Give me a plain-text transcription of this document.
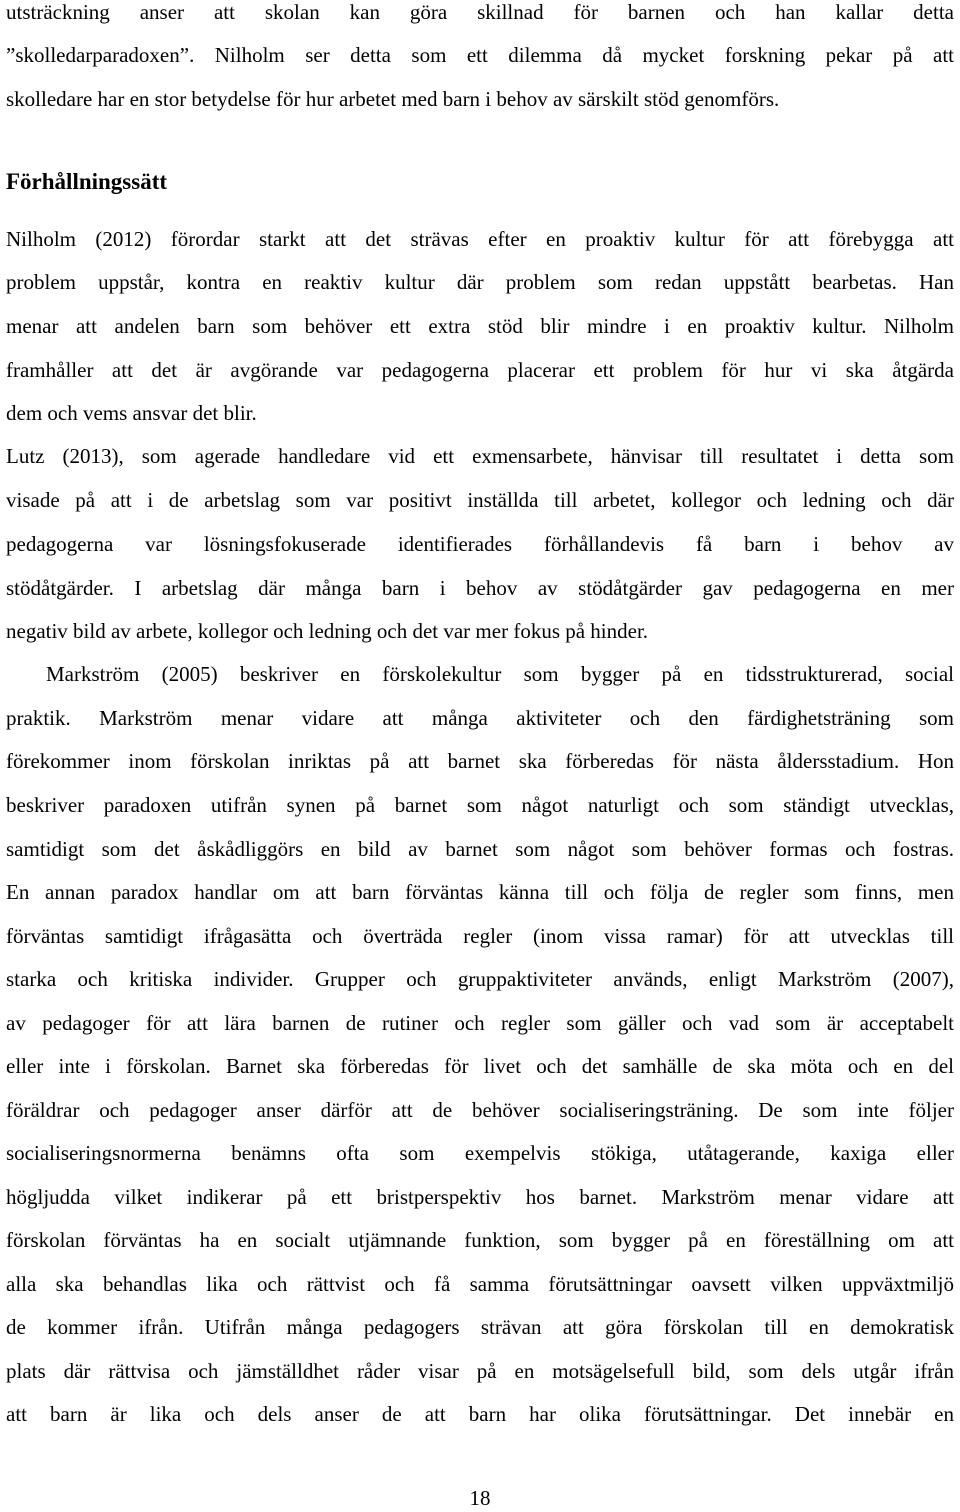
utsträckning anser att skolan kan göra skillnad för barnen och han kallar detta
”skolledarparadoxen”. Nilholm ser detta som ett dilemma då mycket forskning pekar på att
skolledare har en stor betydelse för hur arbetet med barn i behov av särskilt stöd genomförs.
Förhållningssätt
Nilholm (2012) förordar starkt att det strävas efter en proaktiv kultur för att förebygga att
problem uppstår, kontra en reaktiv kultur där problem som redan uppstått bearbetas. Han
menar att andelen barn som behöver ett extra stöd blir mindre i en proaktiv kultur. Nilholm
framhåller att det är avgörande var pedagogerna placerar ett problem för hur vi ska åtgärda
dem och vems ansvar det blir.
Lutz (2013), som agerade handledare vid ett exmensarbete, hänvisar till resultatet i detta som
visade på att i de arbetslag som var positivt inställda till arbetet, kollegor och ledning och där
pedagogerna var lösningsfokuserade identifierades förhållandevis få barn i behov av
stödåtgärder. I arbetslag där många barn i behov av stödåtgärder gav pedagogerna en mer
negativ bild av arbete, kollegor och ledning och det var mer fokus på hinder.
Markström (2005) beskriver en förskolekultur som bygger på en tidsstrukturerad, social
praktik. Markström menar vidare att många aktiviteter och den färdighetsträning som
förekommer inom förskolan inriktas på att barnet ska förberedas för nästa åldersstadium. Hon
beskriver paradoxen utifrån synen på barnet som något naturligt och som ständigt utvecklas,
samtidigt som det åskådliggörs en bild av barnet som något som behöver formas och fostras.
En annan paradox handlar om att barn förväntas känna till och följa de regler som finns, men
förväntas samtidigt ifrågasätta och överträda regler (inom vissa ramar) för att utvecklas till
starka och kritiska individer. Grupper och gruppaktiviteter används, enligt Markström (2007),
av pedagoger för att lära barnen de rutiner och regler som gäller och vad som är acceptabelt
eller inte i förskolan. Barnet ska förberedas för livet och det samhälle de ska möta och en del
föräldrar och pedagoger anser därför att de behöver socialiseringsträning. De som inte följer
socialiseringsnormerna benämns ofta som exempelvis stökiga, utåtagerande, kaxiga eller
högljudda vilket indikerar på ett bristperspektiv hos barnet. Markström menar vidare att
förskolan förväntas ha en socialt utjämnande funktion, som bygger på en föreställning om att
alla ska behandlas lika och rättvist och få samma förutsättningar oavsett vilken uppväxtmiljö
de kommer ifrån. Utifrån många pedagogers strävan att göra förskolan till en demokratisk
plats där rättvisa och jämställdhet råder visar på en motsägelsefull bild, som dels utgår ifrån
att barn är lika och dels anser de att barn har olika förutsättningar. Det innebär en
18
